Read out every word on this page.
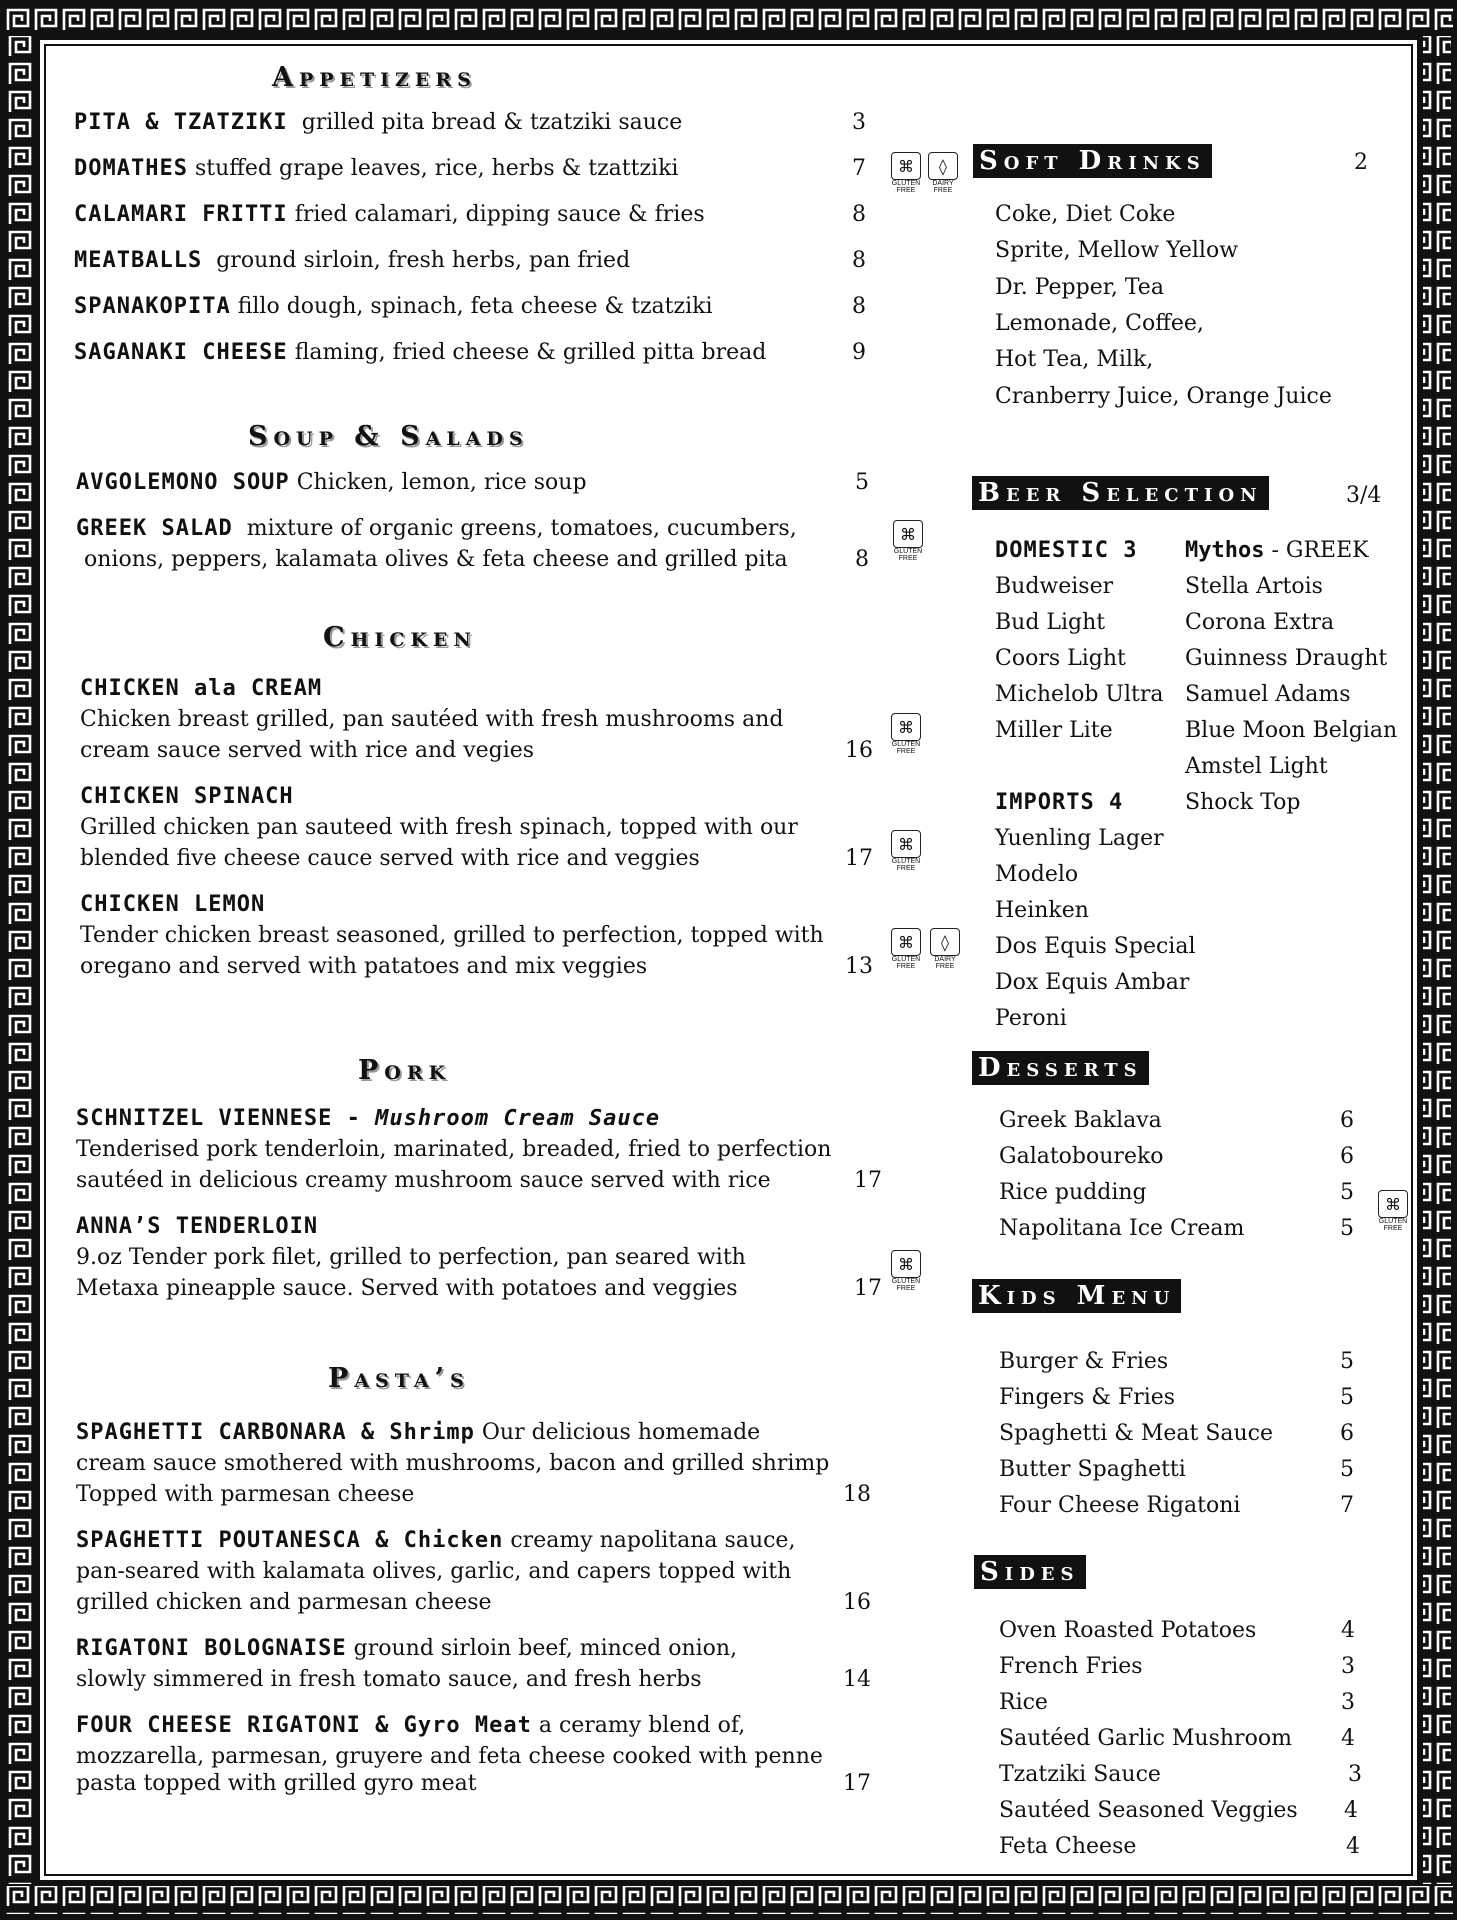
Appetizers
PITA & TZATZIKI grilled pita bread & tzatziki sauce	3
DOMATHES stuffed grape leaves, rice, herbs & tzattziki	7	⌘
GLUTEN
FREE
◊
DAIRY
FREE
CALAMARI FRITTI fried calamari, dipping sauce & fries	8
MEATBALLS ground sirloin, fresh herbs, pan fried	8
SPANAKOPITA fillo dough, spinach, feta cheese & tzatziki	8
SAGANAKI CHEESE flaming, fried cheese & grilled pitta bread	9
Soup & Salads
AVGOLEMONO SOUP Chicken, lemon, rice soup	5
GREEK SALAD mixture of organic greens, tomatoes, cucumbers,
onions, peppers, kalamata olives & feta cheese and grilled pita	8
⌘
GLUTEN
FREE
Chicken
CHICKEN ala CREAM
Chicken breast grilled, pan sautéed with fresh mushrooms and
cream sauce served with rice and vegies	16
⌘
GLUTEN
FREE
CHICKEN SPINACH
Grilled chicken pan sauteed with fresh spinach, topped with our
blended five cheese cauce served with rice and veggies	17
⌘
GLUTEN
FREE
CHICKEN LEMON
Tender chicken breast seasoned, grilled to perfection, topped with
oregano and served with patatoes and mix veggies	13
⌘
GLUTEN
FREE
◊
DAIRY
FREE
Pork
SCHNITZEL VIENNESE - Mushroom Cream Sauce
Tenderised pork tenderloin, marinated, breaded, fried to perfection
sautéed in delicious creamy mushroom sauce served with rice	17
ANNA’S TENDERLOIN
9.oz Tender pork filet, grilled to perfection, pan seared with
Metaxa pineapple sauce. Served with potatoes and veggies	17
⌘
GLUTEN
FREE
Pasta’s
SPAGHETTI CARBONARA & Shrimp Our delicious homemade
cream sauce smothered with mushrooms, bacon and grilled shrimp
Topped with parmesan cheese	18
SPAGHETTI POUTANESCA & Chicken creamy napolitana sauce,
pan-seared with kalamata olives, garlic, and capers topped with
grilled chicken and parmesan cheese	16
RIGATONI BOLOGNAISE ground sirloin beef, minced onion,
slowly simmered in fresh tomato sauce, and fresh herbs	14
FOUR CHEESE RIGATONI & Gyro Meat a ceramy blend of,
mozzarella, parmesan, gruyere and feta cheese cooked with penne
pasta topped with grilled gyro meat	17
Soft Drinks	2
Coke, Diet Coke
Sprite, Mellow Yellow
Dr. Pepper, Tea
Lemonade, Coffee,
Hot Tea, Milk,
Cranberry Juice, Orange Juice
Beer Selection	3/4
DOMESTIC 3
Budweiser
Bud Light
Coors Light
Michelob Ultra
Miller Lite
IMPORTS 4
Yuenling Lager
Modelo
Heinken
Dos Equis Special
Dox Equis Ambar
Peroni
Mythos - GREEK
Stella Artois
Corona Extra
Guinness Draught
Samuel Adams
Blue Moon Belgian
Amstel Light
Shock Top
Desserts
Greek Baklava	6
Galatoboureko	6
Rice pudding	5
Napolitana Ice Cream	5
⌘
GLUTEN
FREE
Kids Menu
Burger & Fries	5
Fingers & Fries	5
Spaghetti & Meat Sauce	6
Butter Spaghetti	5
Four Cheese Rigatoni	7
Sides
Oven Roasted Potatoes	4
French Fries	3
Rice	3
Sautéed Garlic Mushroom 4
Tzatziki Sauce	3
Sautéed Seasoned Veggies 4
Feta Cheese	4
